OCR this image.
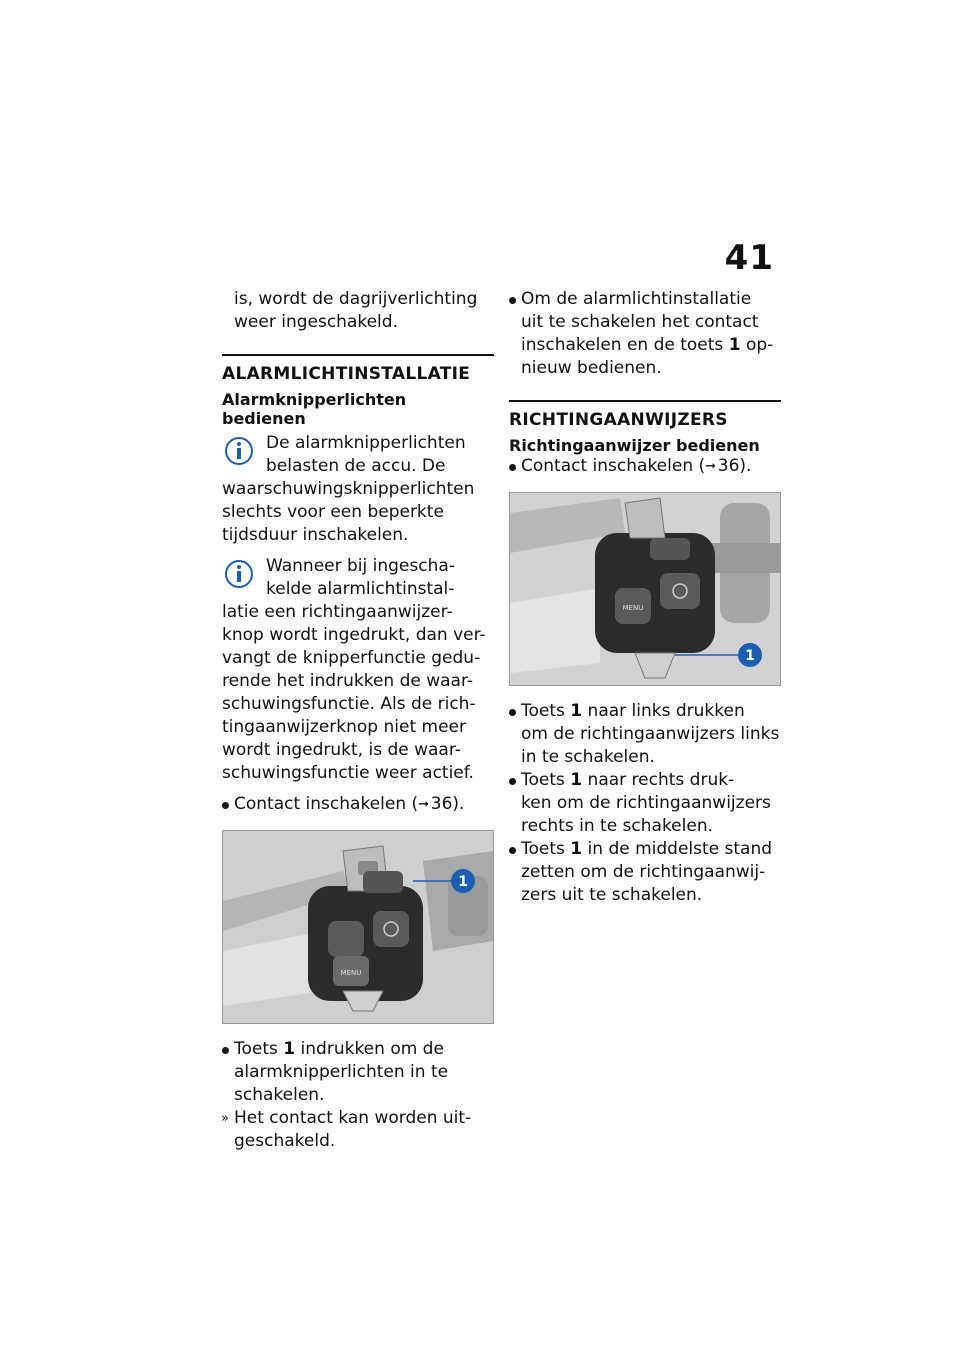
41

is, wordt de dagrijverlichting

weer ingeschakeld.

ALARMLICHTINSTALLATIE
Alarmknipperlichten bedienen

De alarmknipperlichten

belasten de accu. De

waarschuwingsknipperlichten

slechts voor een beperkte

tijdsduur inschakelen.

Wanneer bij ingescha-

kelde alarmlichtinstal-

latie een richtingaanwijzer-

knop wordt ingedrukt, dan ver-

vangt de knipperfunctie gedu-

rende het indrukken de waar-

schuwingsfunctie. Als de rich-

tingaanwijzerknop niet meer

wordt ingedrukt, is de waar-

schuwingsfunctie weer actief.

Contact inschakelen (➞  36).
MENU
1
Toets 1 indrukken om de
alarmknipperlichten in te
schakelen.
» Het contact kan worden uit-
geschakeld.
Om de alarmlichtinstallatie
uit te schakelen het contact
inschakelen en de toets 1 op-
nieuw bedienen.
RICHTINGAANWIJZERS
Richtingaanwijzer bedienen
Contact inschakelen (➞  36).
MENU
1
Toets 1 naar links drukken
om de richtingaanwijzers links
in te schakelen.
Toets 1 naar rechts druk-
ken om de richtingaanwijzers
rechts in te schakelen.
Toets 1 in de middelste stand
zetten om de richtingaanwij-
zers uit te schakelen.
